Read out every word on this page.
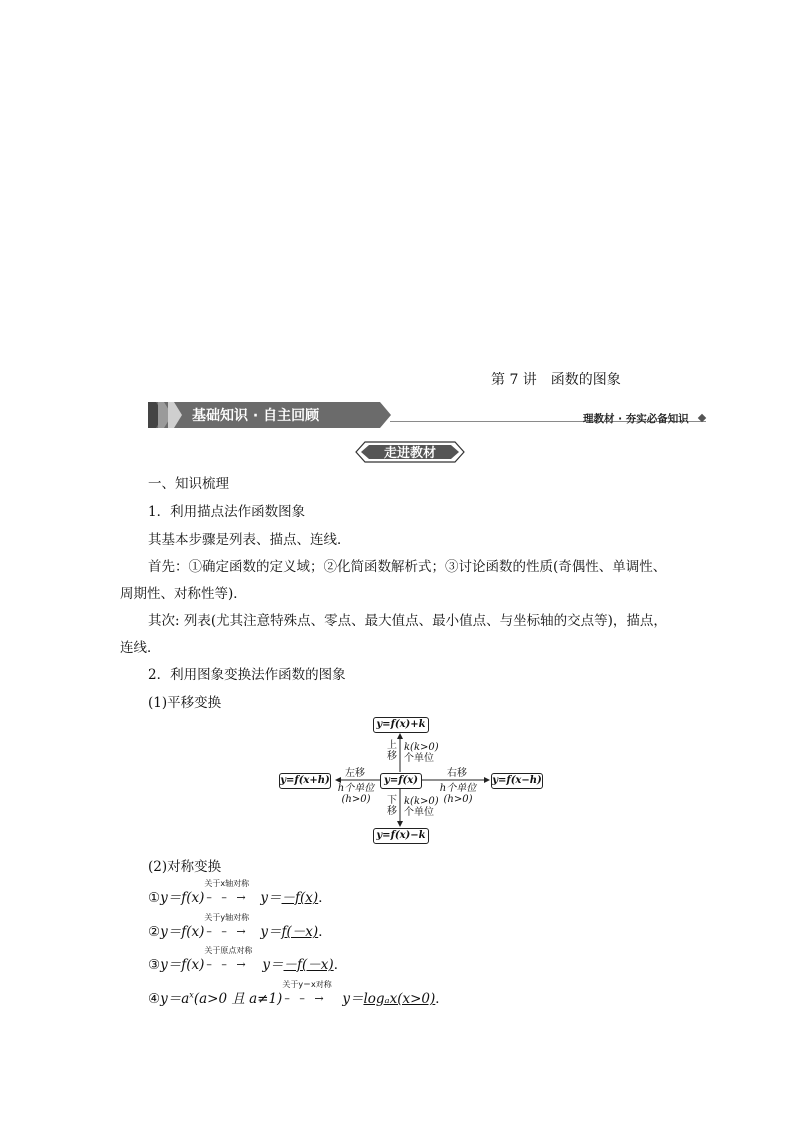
第 7 讲　函数的图象
基础知识 · 自主回顾	理教材 · 夯实必备知识
走进教材
一、知识梳理
1．利用描点法作函数图象
其基本步骤是列表、描点、连线．
首先：①确定函数的定义域；②化简函数解析式；③讨论函数的性质(奇偶性、单调性、
周期性、对称性等)．
其次: 列表(尤其注意特殊点、零点、最大值点、最小值点、与坐标轴的交点等)，描点，
连线．
2．利用图象变换法作函数的图象
(1)平移变换
y=f(x)+k
y=f(x)
y=f(x)−k
y=f(x+h)	y=f(x−h)
上移
k(k>0)
个单位
下移
k(k>0)
个单位
左移
h个单位
(h>0)
右移
h个单位
(h>0)
(2)对称变换
①y＝f(x)
关于x轴对称
– – → y＝－f(x)．
②y＝f(x)
关于y轴对称
– – → y＝f(－x)．
③y＝f(x)
关于原点对称
– – → y＝－f(－x)．
$④y=a^x(a>0$ 且 a≠1)
关于y＝x对称
– – → y＝logₐx(x>0)．
